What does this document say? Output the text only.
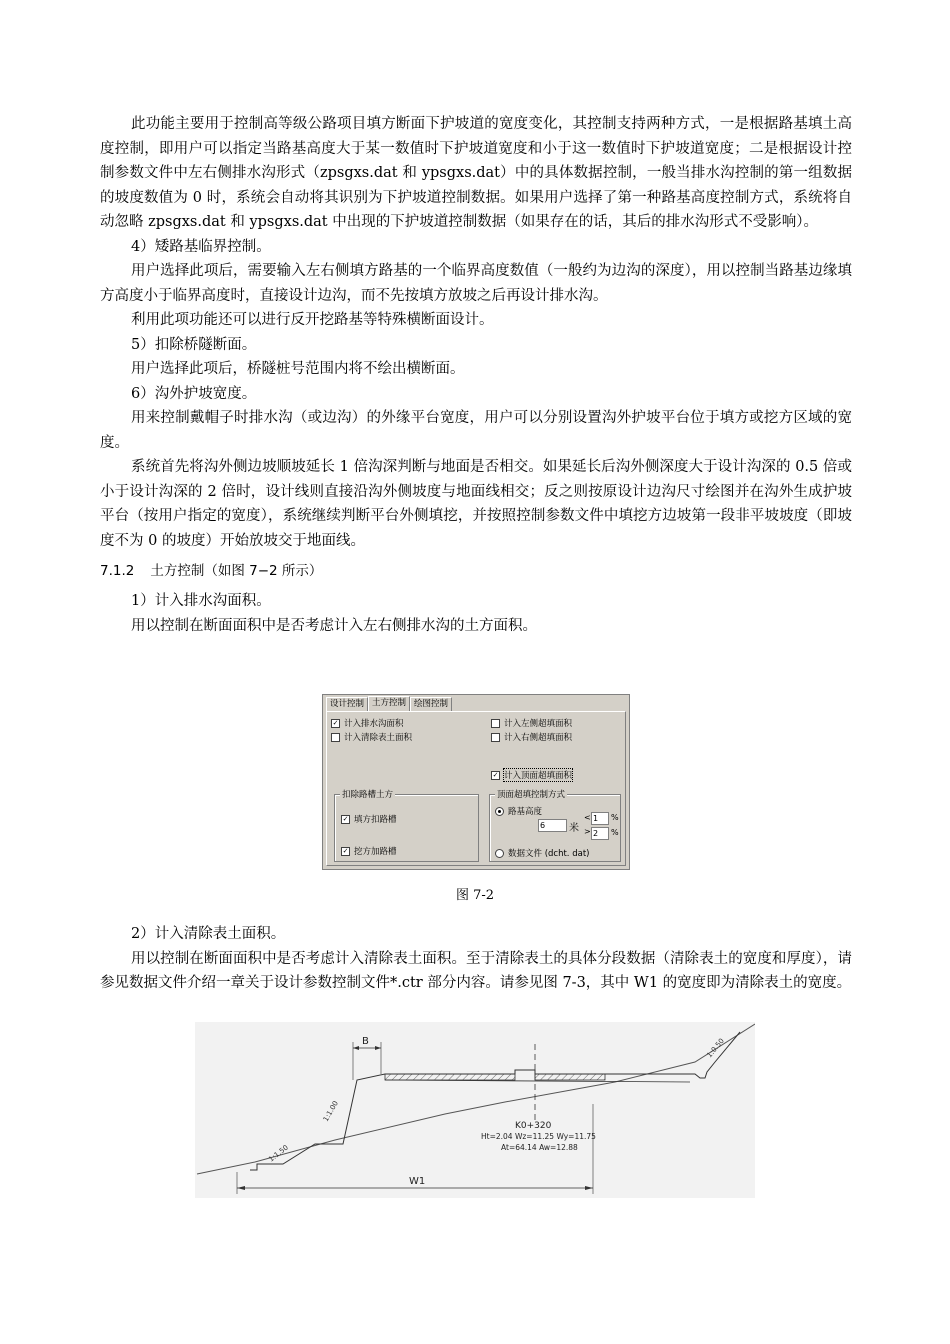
此功能主要用于控制高等级公路项目填方断面下护坡道的宽度变化，其控制支持两种方式，一是根据路基填土高度控制，即用户可以指定当路基高度大于某一数值时下护坡道宽度和小于这一数值时下护坡道宽度；二是根据设计控制参数文件中左右侧排水沟形式（zpsgxs.dat 和 ypsgxs.dat）中的具体数据控制，一般当排水沟控制的第一组数据的坡度数值为 0 时，系统会自动将其识别为下护坡道控制数据。如果用户选择了第一种路基高度控制方式，系统将自动忽略 zpsgxs.dat 和 ypsgxs.dat 中出现的下护坡道控制数据（如果存在的话，其后的排水沟形式不受影响）。

4）矮路基临界控制。

用户选择此项后，需要输入左右侧填方路基的一个临界高度数值（一般约为边沟的深度），用以控制当路基边缘填方高度小于临界高度时，直接设计边沟，而不先按填方放坡之后再设计排水沟。

利用此项功能还可以进行反开挖路基等特殊横断面设计。

5）扣除桥隧断面。

用户选择此项后，桥隧桩号范围内将不绘出横断面。

6）沟外护坡宽度。

用来控制戴帽子时排水沟（或边沟）的外缘平台宽度，用户可以分别设置沟外护坡平台位于填方或挖方区域的宽度。

系统首先将沟外侧边坡顺坡延长 1 倍沟深判断与地面是否相交。如果延长后沟外侧深度大于设计沟深的 0.5 倍或小于设计沟深的 2 倍时，设计线则直接沿沟外侧坡度与地面线相交；反之则按原设计边沟尺寸绘图并在沟外生成护坡平台（按用户指定的宽度），系统继续判断平台外侧填挖，并按照控制参数文件中填挖方边坡第一段非平坡坡度（即坡度不为 0 的坡度）开始放坡交于地面线。

7.1.2 土方控制（如图 7−2 所示）

1）计入排水沟面积。

用以控制在断面面积中是否考虑计入左右侧排水沟的土方面积。

设计控制 土方控制 绘图控制
✓ 计入排水沟面积
计入清除表土面积
计入左侧超填面积
计入右侧超填面积
✓ 计入顶面超填面积
扣除路槽土方
✓ 填方扣路槽
✓ 挖方加路槽
顶面超填控制方式
路基高度
6	米
<
>
1
2
%
%
数据文件 (dcht. dat)
图 7-2

2）计入清除表土面积。

用以控制在断面面积中是否考虑计入清除表土面积。至于清除表土的具体分段数据（清除表土的宽度和厚度），请参见数据文件介绍一章关于设计参数控制文件*.ctr 部分内容。请参见图 7-3，其中 W1 的宽度即为清除表土的宽度。

B
W1
1:1.50
1:1.00
1:0.50
K0+320
Ht=2.04 Wz=11.25 Wy=11.75
At=64.14 Aw=12.88
